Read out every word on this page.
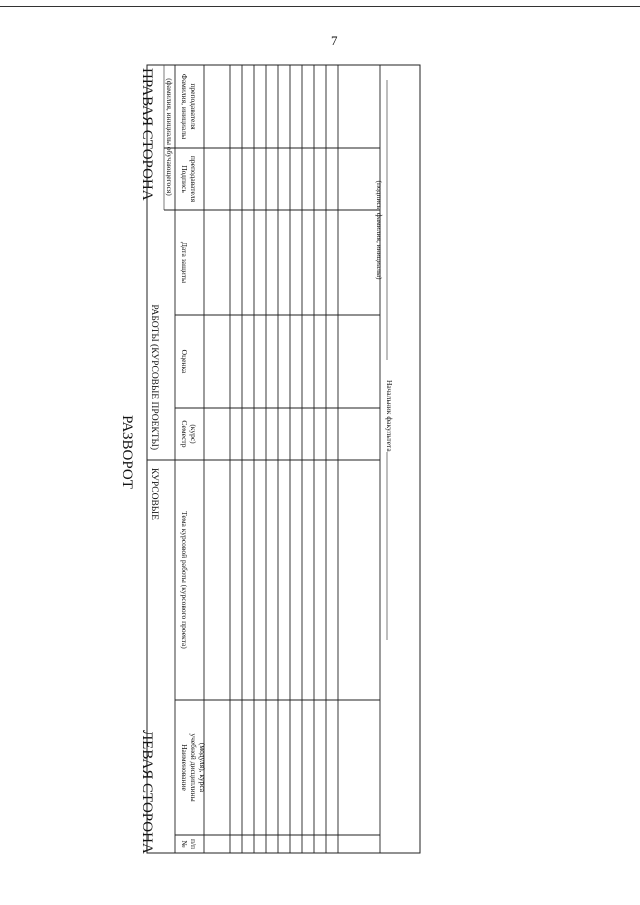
7
РАЗВОРОТ
ЛЕВАЯ СТОРОНА
ПРАВАЯ СТОРОНА
КУРСОВЫЕ
РАБОТЫ (КУРСОВЫЕ ПРОЕКТЫ)
(фамилия, инициалы обучающегося)
№ п/п
Наименование учебной дисциплины (модуля), курса
Тема курсовой работы (курсового проекта)
Семестр (курс)
Оценка
Дата защиты
Подпись преподавателя
Фамилия, инициалы преподавателя
Начальник факультета
(подпись, фамилия, инициалы)
